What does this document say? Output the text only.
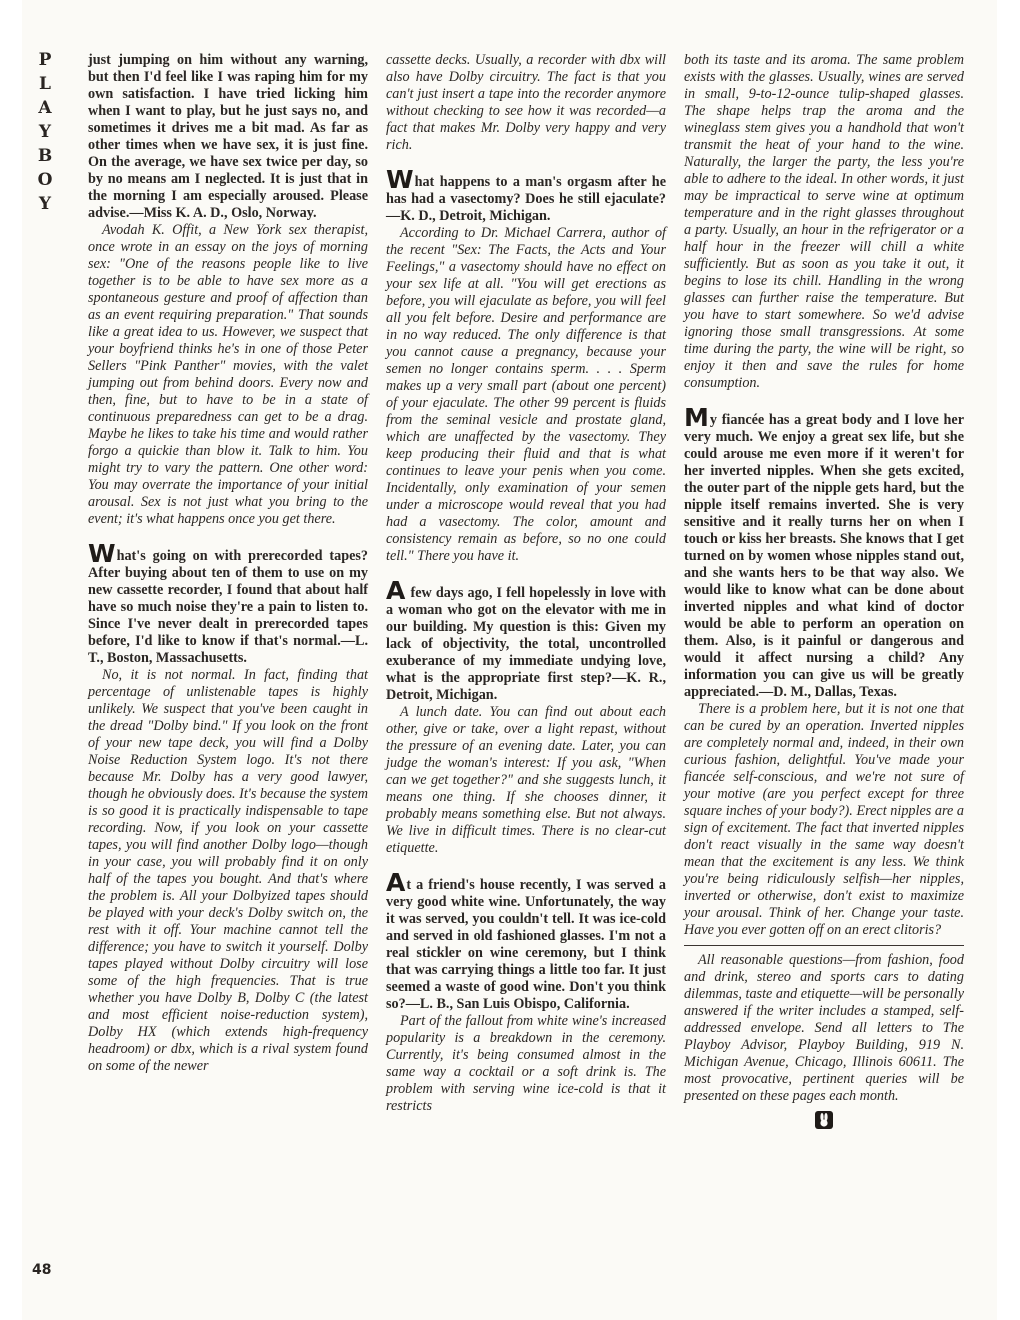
P
L
A
Y
B
O
Y
48

just jumping on him without any warning, but then I'd feel like I was raping him for my own satisfaction. I have tried licking him when I want to play, but he just says no, and sometimes it drives me a bit mad. As far as other times when we have sex, it is just fine. On the average, we have sex twice per day, so by no means am I neglected. It is just that in the morning I am especially aroused. Please advise.—Miss K. A. D., Oslo, Norway.

Avodah K. Offit, a New York sex therapist, once wrote in an essay on the joys of morning sex: "One of the reasons people like to live together is to be able to have sex more as a spontaneous gesture and proof of affection than as an event requiring preparation." That sounds like a great idea to us. However, we suspect that your boyfriend thinks he's in one of those Peter Sellers "Pink Panther" movies, with the valet jumping out from behind doors. Every now and then, fine, but to have to be in a state of continuous preparedness can get to be a drag. Maybe he likes to take his time and would rather forgo a quickie than blow it. Talk to him. You might try to vary the pattern. One other word: You may overrate the importance of your initial arousal. Sex is not just what you bring to the event; it's what happens once you get there.

What's going on with prerecorded tapes? After buying about ten of them to use on my new cassette recorder, I found that about half have so much noise they're a pain to listen to. Since I've never dealt in prerecorded tapes before, I'd like to know if that's normal.—L. T., Boston, Massachusetts.

No, it is not normal. In fact, finding that percentage of unlistenable tapes is highly unlikely. We suspect that you've been caught in the dread "Dolby bind." If you look on the front of your new tape deck, you will find a Dolby Noise Reduction System logo. It's not there because Mr. Dolby has a very good lawyer, though he obviously does. It's because the system is so good it is practically indispensable to tape recording. Now, if you look on your cassette tapes, you will find another Dolby logo—though in your case, you will probably find it on only half of the tapes you bought. And that's where the problem is. All your Dolbyized tapes should be played with your deck's Dolby switch on, the rest with it off. Your machine cannot tell the difference; you have to switch it yourself. Dolby tapes played without Dolby circuitry will lose some of the high frequencies. That is true whether you have Dolby B, Dolby C (the latest and most efficient noise-reduction system), Dolby HX (which extends high-frequency headroom) or dbx, which is a rival system found on some of the newer

cassette decks. Usually, a recorder with dbx will also have Dolby circuitry. The fact is that you can't just insert a tape into the recorder anymore without checking to see how it was recorded—a fact that makes Mr. Dolby very happy and very rich.

What happens to a man's orgasm after he has had a vasectomy? Does he still ejaculate?—K. D., Detroit, Michigan.

According to Dr. Michael Carrera, author of the recent "Sex: The Facts, the Acts and Your Feelings," a vasectomy should have no effect on your sex life at all. "You will get erections as before, you will ejaculate as before, you will feel all you felt before. Desire and performance are in no way reduced. The only difference is that you cannot cause a pregnancy, because your semen no longer contains sperm. . . . Sperm makes up a very small part (about one percent) of your ejaculate. The other 99 percent is fluids from the seminal vesicle and prostate gland, which are unaffected by the vasectomy. They keep producing their fluid and that is what continues to leave your penis when you come. Incidentally, only examination of your semen under a microscope would reveal that you had had a vasectomy. The color, amount and consistency remain as before, so no one could tell." There you have it.

A few days ago, I fell hopelessly in love with a woman who got on the elevator with me in our building. My question is this: Given my lack of objectivity, the total, uncontrolled exuberance of my immediate undying love, what is the appropriate first step?—K. R., Detroit, Michigan.

A lunch date. You can find out about each other, give or take, over a light repast, without the pressure of an evening date. Later, you can judge the woman's interest: If you ask, "When can we get together?" and she suggests lunch, it means one thing. If she chooses dinner, it probably means something else. But not always. We live in difficult times. There is no clear-cut etiquette.

At a friend's house recently, I was served a very good white wine. Unfortunately, the way it was served, you couldn't tell. It was ice-cold and served in old fashioned glasses. I'm not a real stickler on wine ceremony, but I think that was carrying things a little too far. It just seemed a waste of good wine. Don't you think so?—L. B., San Luis Obispo, California.

Part of the fallout from white wine's increased popularity is a breakdown in the ceremony. Currently, it's being consumed almost in the same way a cocktail or a soft drink is. The problem with serving wine ice-cold is that it restricts

both its taste and its aroma. The same problem exists with the glasses. Usually, wines are served in small, 9-to-12-ounce tulip-shaped glasses. The shape helps trap the aroma and the wineglass stem gives you a handhold that won't transmit the heat of your hand to the wine. Naturally, the larger the party, the less you're able to adhere to the ideal. In other words, it just may be impractical to serve wine at optimum temperature and in the right glasses throughout a party. Usually, an hour in the refrigerator or a half hour in the freezer will chill a white sufficiently. But as soon as you take it out, it begins to lose its chill. Handling in the wrong glasses can further raise the temperature. But you have to start somewhere. So we'd advise ignoring those small transgressions. At some time during the party, the wine will be right, so enjoy it then and save the rules for home consumption.

My fiancée has a great body and I love her very much. We enjoy a great sex life, but she could arouse me even more if it weren't for her inverted nipples. When she gets excited, the outer part of the nipple gets hard, but the nipple itself remains inverted. She is very sensitive and it really turns her on when I touch or kiss her breasts. She knows that I get turned on by women whose nipples stand out, and she wants hers to be that way also. We would like to know what can be done about inverted nipples and what kind of doctor would be able to perform an operation on them. Also, is it painful or dangerous and would it affect nursing a child? Any information you can give us will be greatly appreciated.—D. M., Dallas, Texas.

There is a problem here, but it is not one that can be cured by an operation. Inverted nipples are completely normal and, indeed, in their own curious fashion, delightful. You've made your fiancée self-conscious, and we're not sure of your motive (are you perfect except for three square inches of your body?). Erect nipples are a sign of excitement. The fact that inverted nipples don't react visually in the same way doesn't mean that the excitement is any less. We think you're being ridiculously selfish—her nipples, inverted or otherwise, don't exist to maximize your arousal. Think of her. Change your taste. Have you ever gotten off on an erect clitoris?

All reasonable questions—from fashion, food and drink, stereo and sports cars to dating dilemmas, taste and etiquette—will be personally answered if the writer includes a stamped, self-addressed envelope. Send all letters to The Playboy Advisor, Playboy Building, 919 N. Michigan Avenue, Chicago, Illinois 60611. The most provocative, pertinent queries will be presented on these pages each month.
